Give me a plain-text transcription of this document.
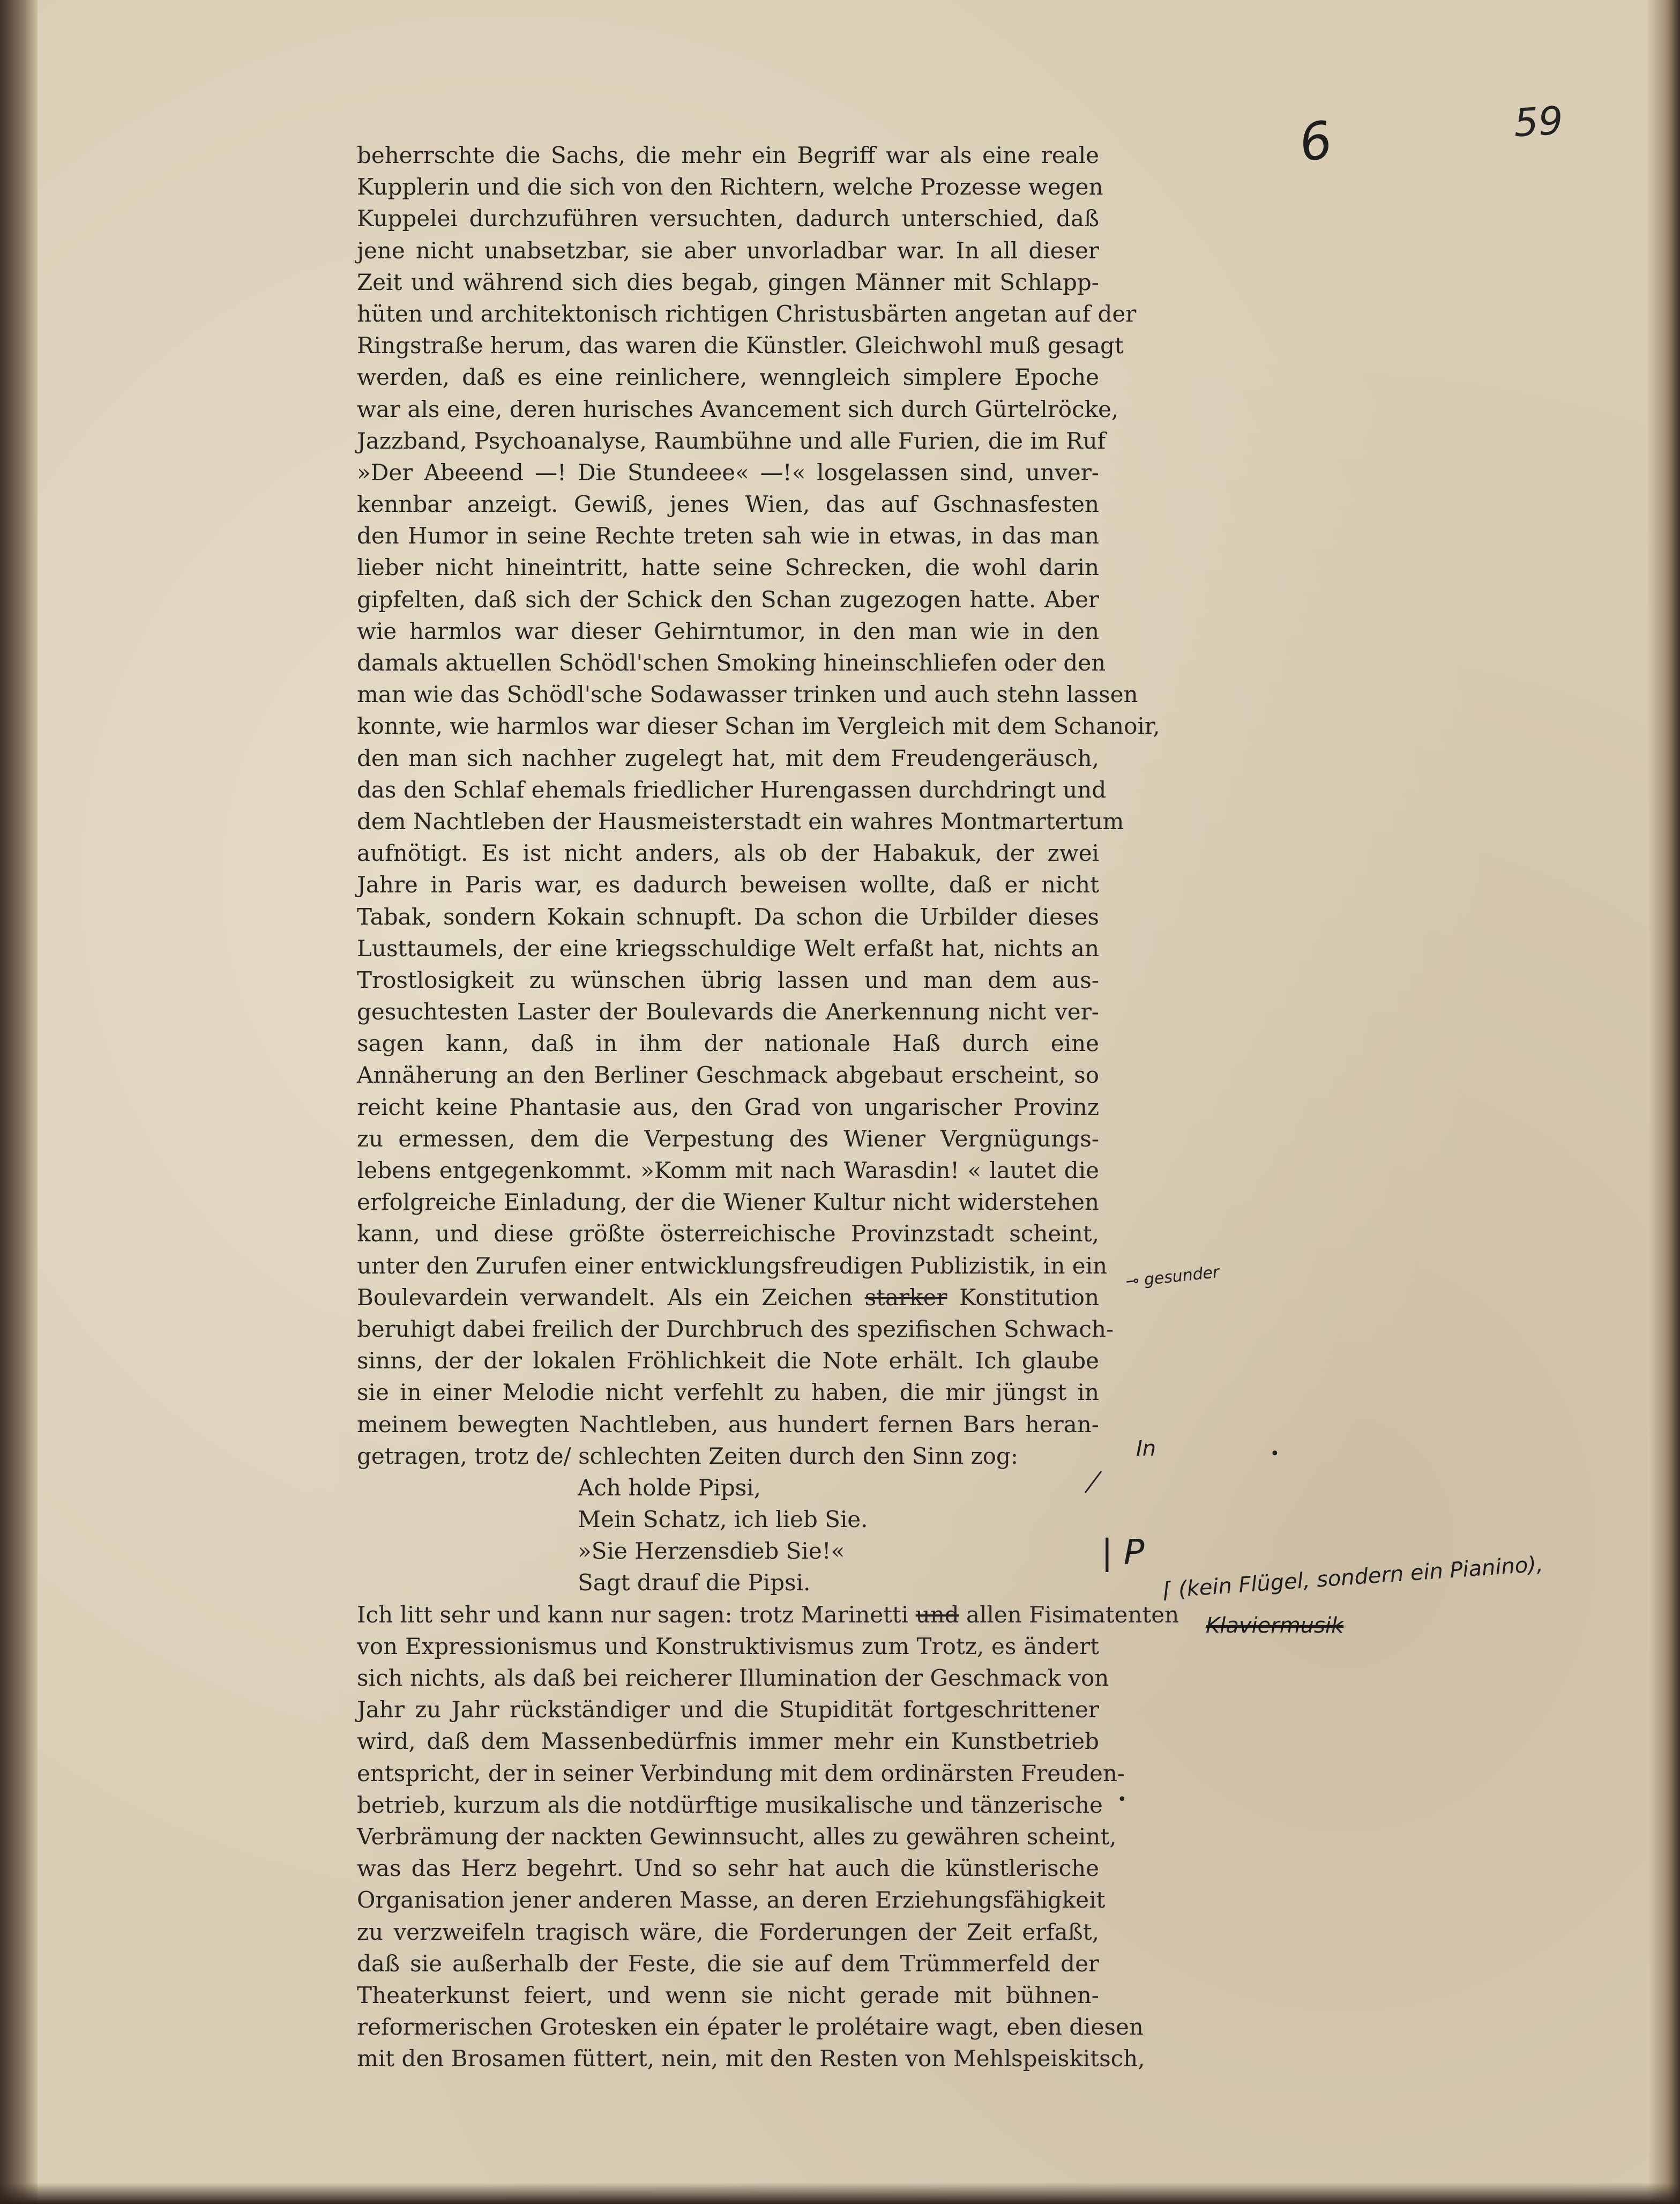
59
6
beherrschte die Sachs, die mehr ein Begriff war als eine reale
Kupplerin und die sich von den Richtern, welche Prozesse wegen
Kuppelei durchzuführen versuchten, dadurch unterschied, daß
jene nicht unabsetzbar, sie aber unvorladbar war. In all dieser
Zeit und während sich dies begab, gingen Männer mit Schlapp-
hüten und architektonisch richtigen Christusbärten angetan auf der
Ringstraße herum, das waren die Künstler. Gleichwohl muß gesagt
werden, daß es eine reinlichere, wenngleich simplere Epoche
war als eine, deren hurisches Avancement sich durch Gürtelröcke,
Jazzband, Psychoanalyse, Raumbühne und alle Furien, die im Ruf
»Der Abeeend —! Die Stundeee« —!« losgelassen sind, unver-
kennbar anzeigt. Gewiß, jenes Wien, das auf Gschnasfesten
den Humor in seine Rechte treten sah wie in etwas, in das man
lieber nicht hineintritt, hatte seine Schrecken, die wohl darin
gipfelten, daß sich der Schick den Schan zugezogen hatte. Aber
wie harmlos war dieser Gehirntumor, in den man wie in den
damals aktuellen Schödl'schen Smoking hineinschliefen oder den
man wie das Schödl'sche Sodawasser trinken und auch stehn lassen
konnte, wie harmlos war dieser Schan im Vergleich mit dem Schanoir,
den man sich nachher zugelegt hat, mit dem Freudengeräusch,
das den Schlaf ehemals friedlicher Hurengassen durchdringt und
dem Nachtleben der Hausmeisterstadt ein wahres Montmartertum
aufnötigt. Es ist nicht anders, als ob der Habakuk, der zwei
Jahre in Paris war, es dadurch beweisen wollte, daß er nicht
Tabak, sondern Kokain schnupft. Da schon die Urbilder dieses
Lusttaumels, der eine kriegsschuldige Welt erfaßt hat, nichts an
Trostlosigkeit zu wünschen übrig lassen und man dem aus-
gesuchtesten Laster der Boulevards die Anerkennung nicht ver-
sagen kann, daß in ihm der nationale Haß durch eine
Annäherung an den Berliner Geschmack abgebaut erscheint, so
reicht keine Phantasie aus, den Grad von ungarischer Provinz
zu ermessen, dem die Verpestung des Wiener Vergnügungs-
lebens entgegenkommt. »Komm mit nach Warasdin! « lautet die
erfolgreiche Einladung, der die Wiener Kultur nicht widerstehen
kann, und diese größte österreichische Provinzstadt scheint,
unter den Zurufen einer entwicklungsfreudigen Publizistik, in ein
Boulevardein verwandelt. Als ein Zeichen starker Konstitution
beruhigt dabei freilich der Durchbruch des spezifischen Schwach-
sinns, der der lokalen Fröhlichkeit die Note erhält. Ich glaube
sie in einer Melodie nicht verfehlt zu haben, die mir jüngst in
meinem bewegten Nachtleben, aus hundert fernen Bars heran-
getragen, trotz de/ schlechten Zeiten durch den Sinn zog:
Ach holde Pipsi,
Mein Schatz, ich lieb Sie.
»Sie Herzensdieb Sie!«
Sagt drauf die Pipsi.
Ich litt sehr und kann nur sagen: trotz Marinetti und allen Fisimatenten
von Expressionismus und Konstruktivismus zum Trotz, es ändert
sich nichts, als daß bei reicherer Illumination der Geschmack von
Jahr zu Jahr rückständiger und die Stupidität fortgeschrittener
wird, daß dem Massenbedürfnis immer mehr ein Kunstbetrieb
entspricht, der in seiner Verbindung mit dem ordinärsten Freuden-
betrieb, kurzum als die notdürftige musikalische und tänzerische
Verbrämung der nackten Gewinnsucht, alles zu gewähren scheint,
was das Herz begehrt. Und so sehr hat auch die künstlerische
Organisation jener anderen Masse, an deren Erziehungsfähigkeit
zu verzweifeln tragisch wäre, die Forderungen der Zeit erfaßt,
daß sie außerhalb der Feste, die sie auf dem Trümmerfeld der
Theaterkunst feiert, und wenn sie nicht gerade mit bühnen-
reformerischen Grotesken ein épater le prolétaire wagt, eben diesen
mit den Brosamen füttert, nein, mit den Resten von Mehlspeiskitsch,
⊸ gesunder
In	•
| P ⌈ (kein Flügel, sondern ein Pianino),
Klaviermusik
•
